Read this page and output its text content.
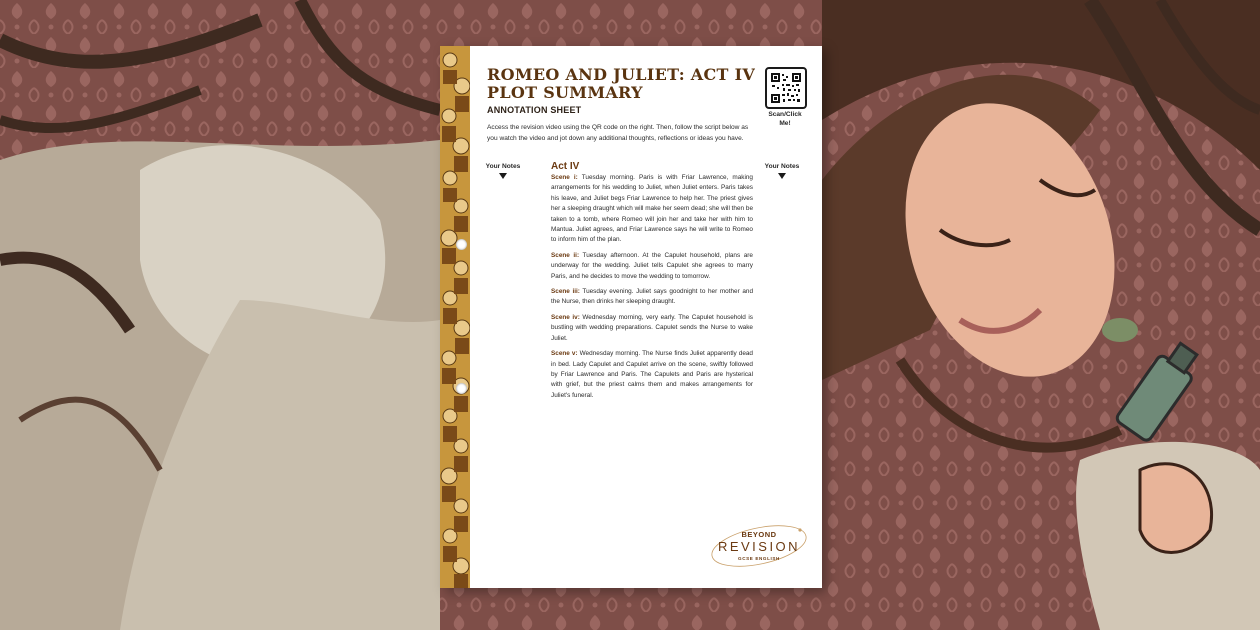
ROMEO AND JULIET: ACT IV
PLOT SUMMARY
ANNOTATION SHEET

Access the revision video using the QR code on the right. Then, follow the script below as you watch the video and jot down any additional thoughts, reflections or ideas you have.

Scan/Click
Me!
Your Notes	Your Notes
Act IV

Scene i: Tuesday morning. Paris is with Friar Lawrence, making arrangements for his wedding to Juliet, when Juliet enters. Paris takes his leave, and Juliet begs Friar Lawrence to help her. The priest gives her a sleeping draught which will make her seem dead; she will then be taken to a tomb, where Romeo will join her and take her with him to Mantua. Juliet agrees, and Friar Lawrence says he will write to Romeo to inform him of the plan.

Scene ii: Tuesday afternoon. At the Capulet household, plans are underway for the wedding. Juliet tells Capulet she agrees to marry Paris, and he decides to move the wedding to tomorrow.

Scene iii: Tuesday evening. Juliet says goodnight to her mother and the Nurse, then drinks her sleeping draught.

Scene iv: Wednesday morning, very early. The Capulet household is bustling with wedding preparations. Capulet sends the Nurse to wake Juliet.

Scene v: Wednesday morning. The Nurse finds Juliet apparently dead in bed. Lady Capulet and Capulet arrive on the scene, swiftly followed by Friar Lawrence and Paris. The Capulets and Paris are hysterical with grief, but the priest calms them and makes arrangements for Juliet's funeral.

BEYOND
REVISION
GCSE ENGLISH
